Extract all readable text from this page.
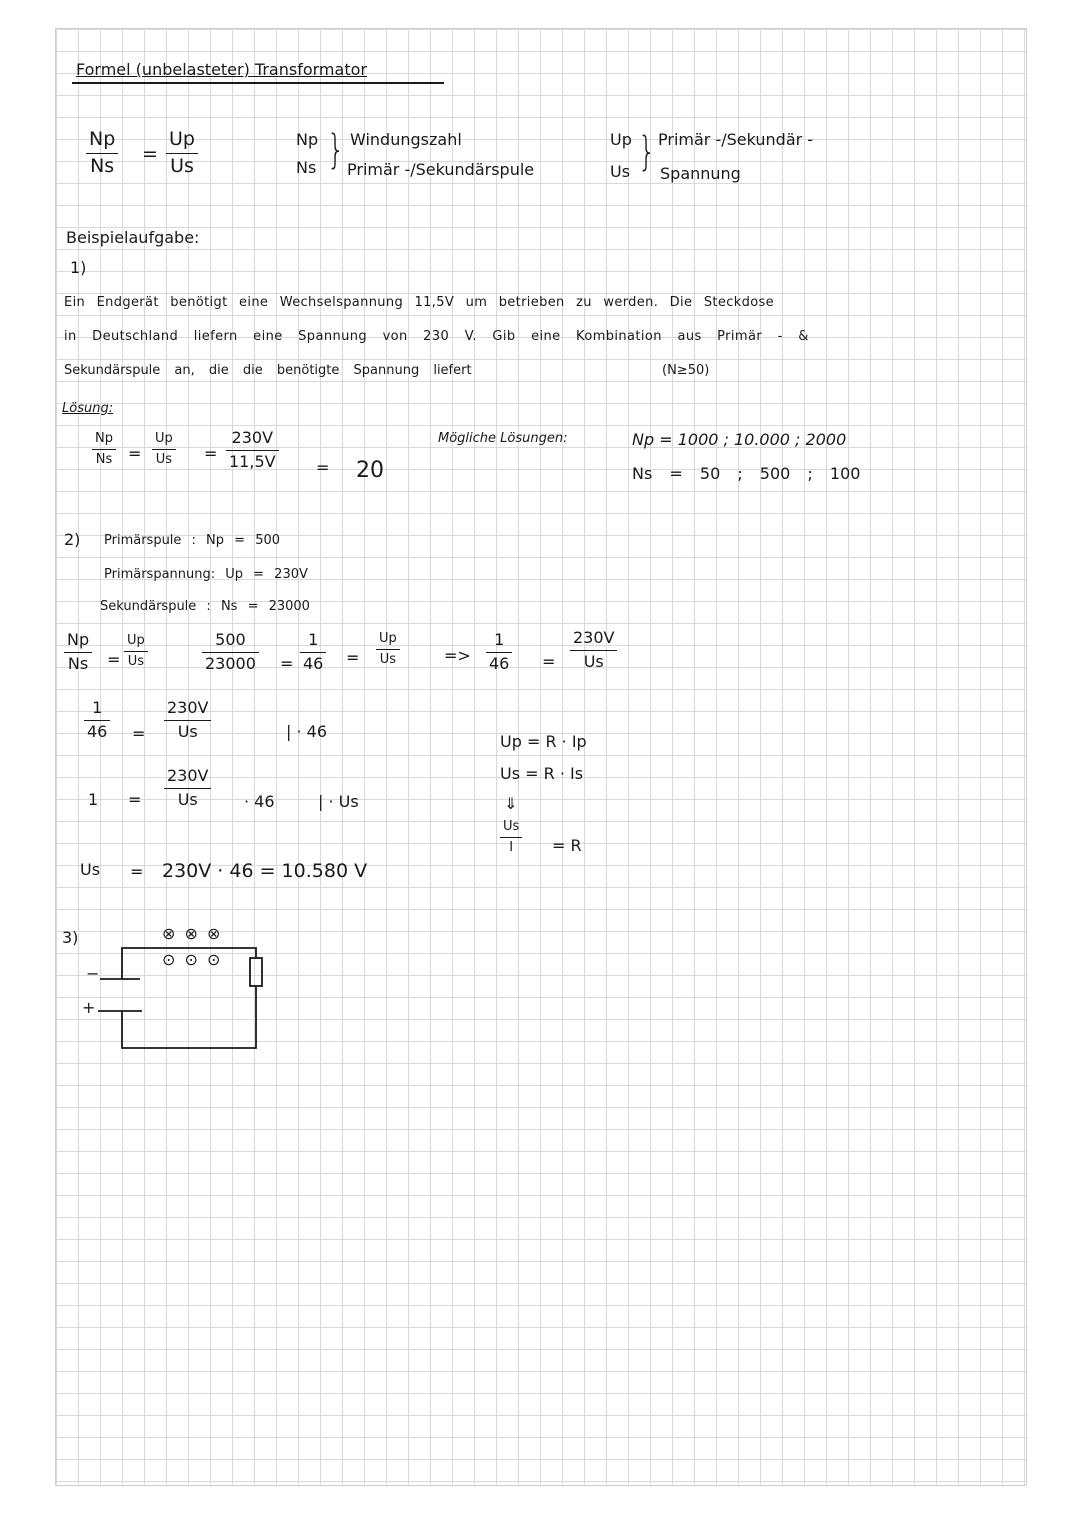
Formel (unbelasteter) Transformator
Np
Ns
=
Up
Us
Np
Ns } Windungszahl
Primär -/Sekundärspule
Up
Us } Primär -/Sekundär -
Spannung
Beispielaufgabe:
1)
Ein Endgerät benötigt eine Wechselspannung 11,5V um betrieben zu werden. Die Steckdose
in Deutschland liefern eine Spannung von 230 V. Gib eine Kombination aus Primär - &
Sekundärspule an, die die benötigte Spannung liefert	(N≥50)
Lösung:
Np
Ns =
Up
Us =
230V
11,5V	= 20
Mögliche Lösungen:	Np = 1000 ; 10.000 ; 2000
Ns = 50 ; 500 ; 100
2) Primärspule : Np = 500
Primärspannung: Up = 230V
Sekundärspule : Ns = 23000
Np
Ns =
Up
Us
500
23000 =
1
46 =
Up
Us	=>
1
46 =
230V
Us
1
46 =
230V
Us	| · 46
1 =
230V
Us	· 46	| · Us
Us = 230V · 46 = 10.580 V
Up = R · Ip
Us = R · Is
⇓
Us
I = R
3)	⊗ ⊗ ⊗
⊙ ⊙ ⊙
−
+
